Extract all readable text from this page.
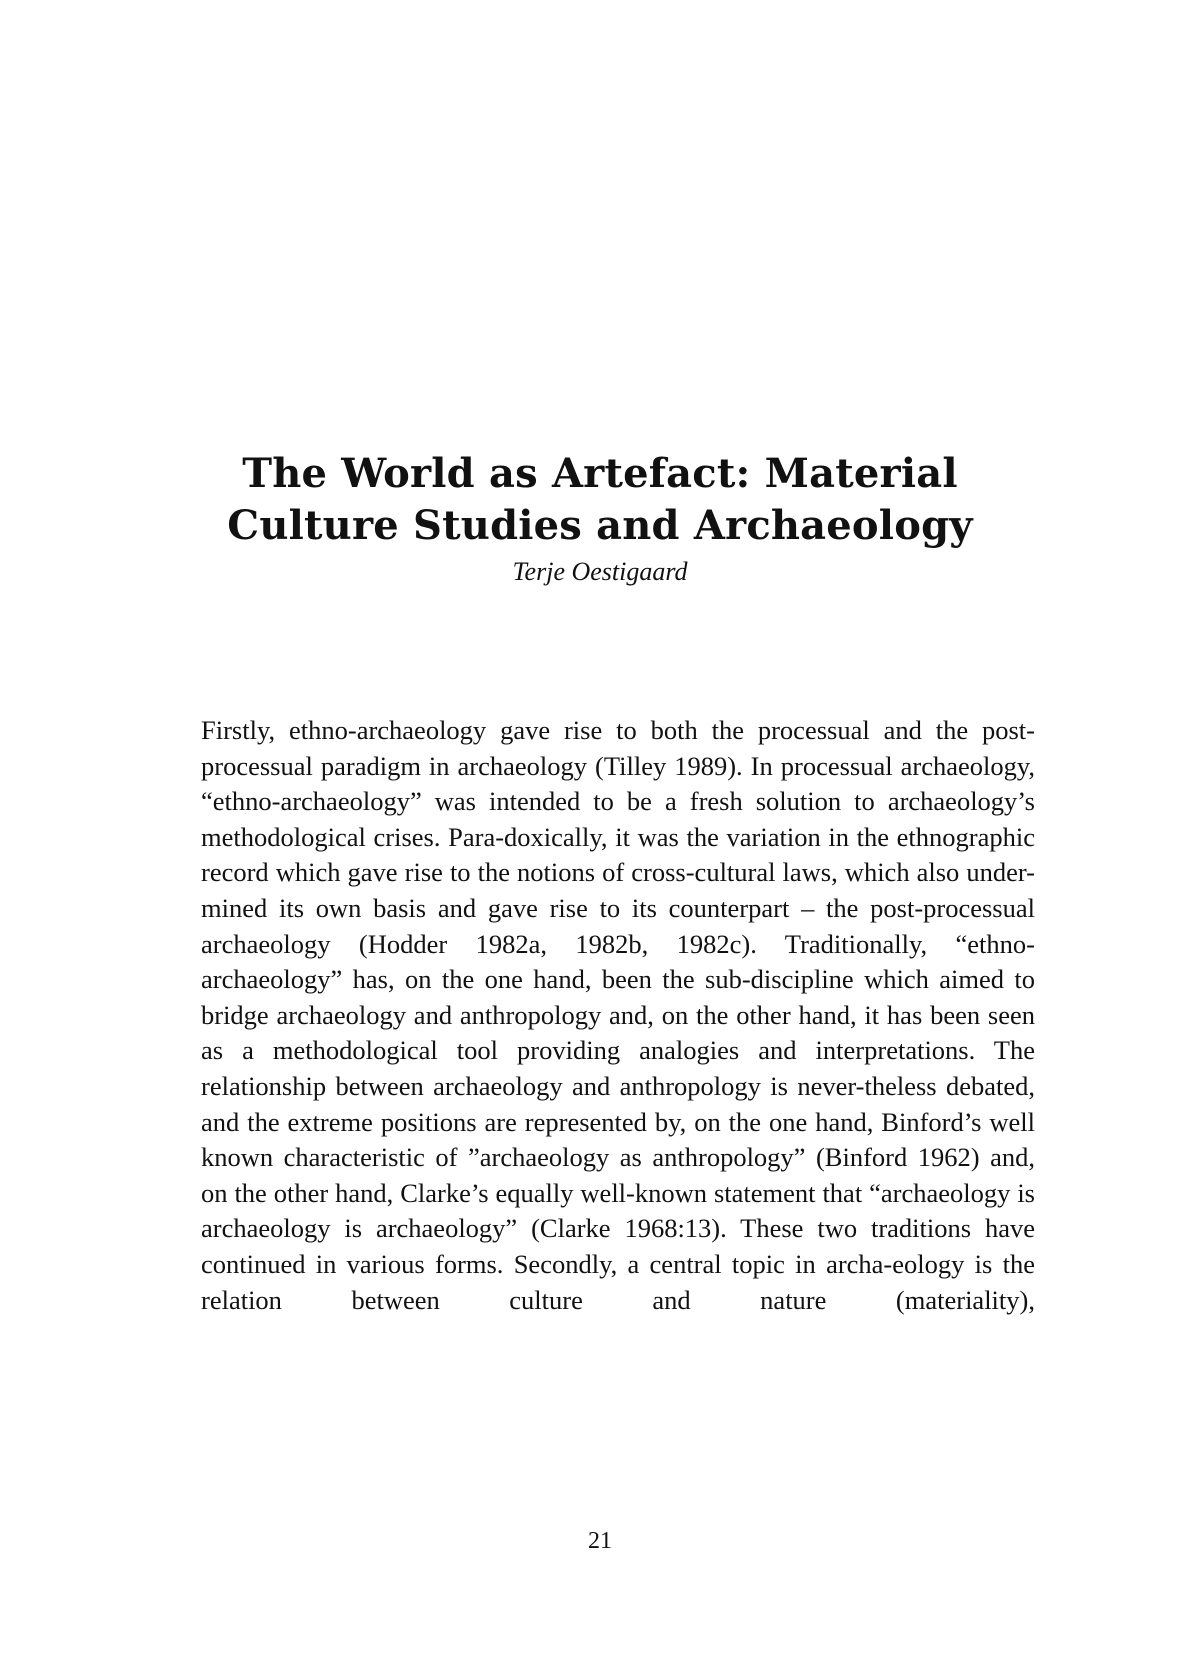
The World as Artefact: Material
Culture Studies and Archaeology
Terje Oestigaard

Firstly, ethno-archaeology gave rise to both the processual and the post-processual paradigm in archaeology (Tilley 1989). In processual archaeology, “ethno-archaeology” was intended to be a fresh solution to archaeology’s methodological crises. Para-doxically, it was the variation in the ethnographic record which gave rise to the notions of cross-cultural laws, which also under-mined its own basis and gave rise to its counterpart – the post-processual archaeology (Hodder 1982a, 1982b, 1982c). Traditionally, “ethno-archaeology” has, on the one hand, been the sub-discipline which aimed to bridge archaeology and anthropology and, on the other hand, it has been seen as a methodological tool providing analogies and interpretations. The relationship between archaeology and anthropology is never-theless debated, and the extreme positions are represented by, on the one hand, Binford’s well known characteristic of ”archaeology as anthropology” (Binford 1962) and, on the other hand, Clarke’s equally well-known statement that “archaeology is archaeology is archaeology” (Clarke 1968:13). These two traditions have continued in various forms. Secondly, a central topic in archa-eology is the relation between culture and nature (materiality),

21
